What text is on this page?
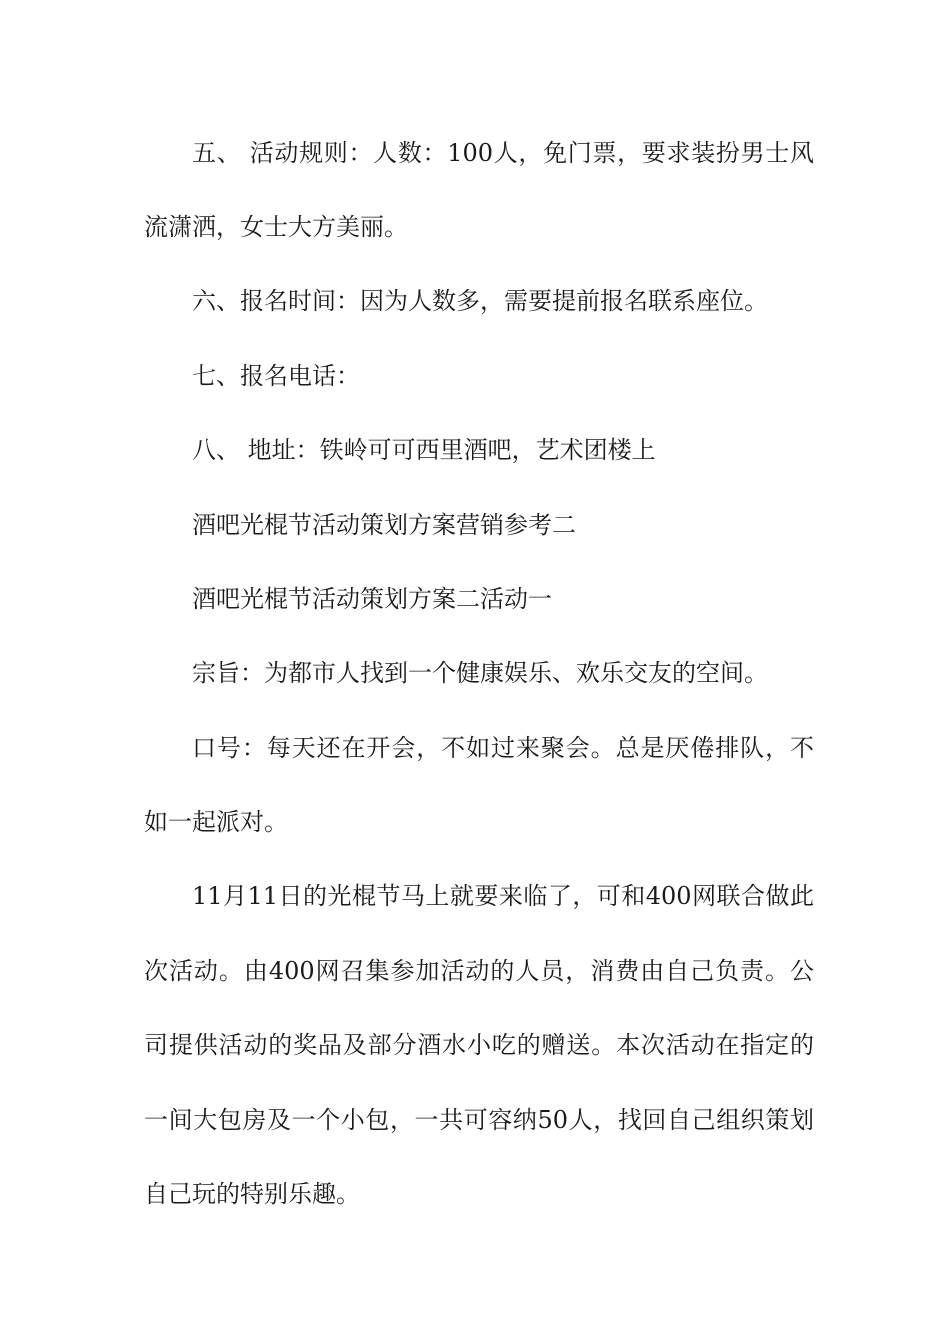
五、 活动规则：人数：100人，免门票，要求装扮男士风
流潇洒，女士大方美丽。
六、报名时间：因为人数多，需要提前报名联系座位。
七、报名电话：
八、 地址：铁岭可可西里酒吧，艺术团楼上
酒吧光棍节活动策划方案营销参考二
酒吧光棍节活动策划方案二活动一
宗旨：为都市人找到一个健康娱乐、欢乐交友的空间。
口号：每天还在开会，不如过来聚会。总是厌倦排队，不
如一起派对。
11月11日的光棍节马上就要来临了，可和400网联合做此
次活动。由400网召集参加活动的人员，消费由自己负责。公
司提供活动的奖品及部分酒水小吃的赠送。本次活动在指定的
一间大包房及一个小包，一共可容纳50人，找回自己组织策划
自己玩的特别乐趣。
